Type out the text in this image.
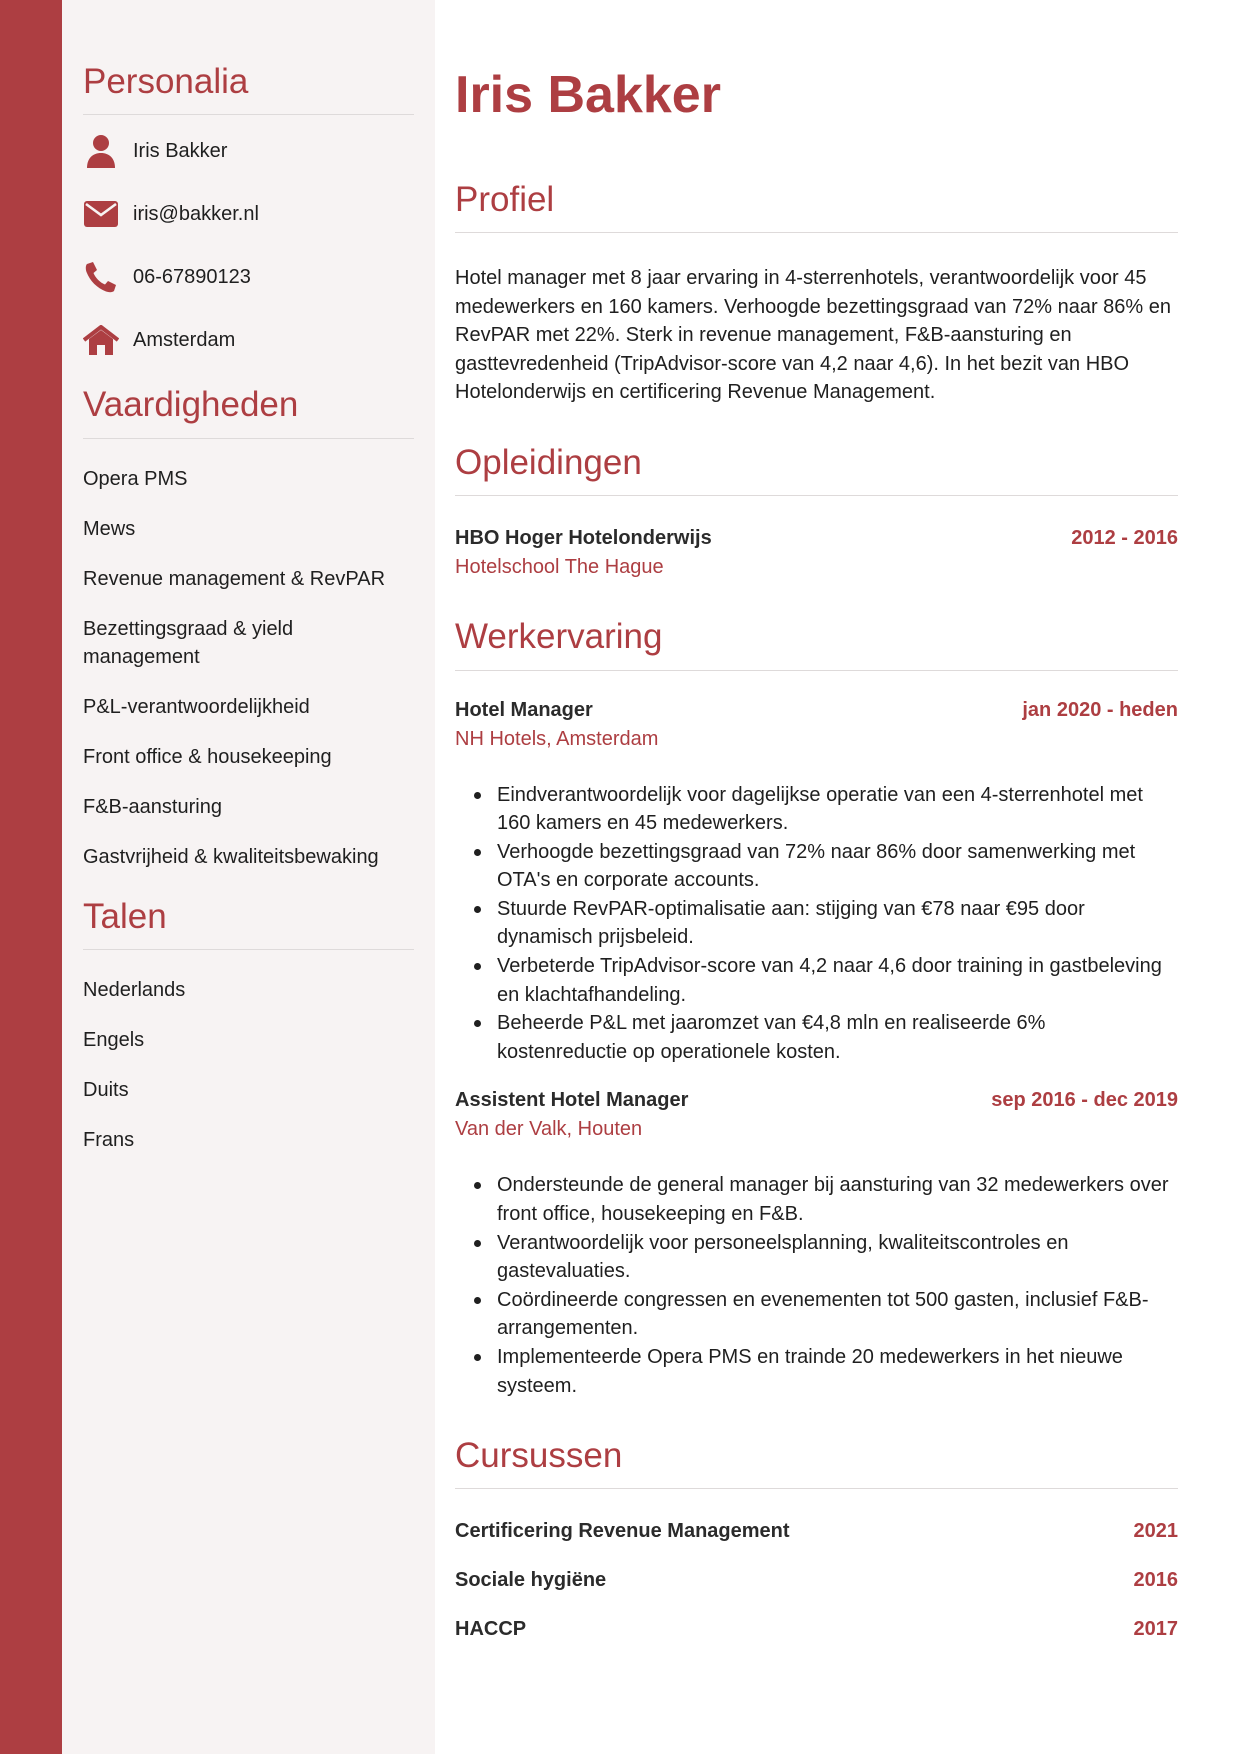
Personalia
Iris Bakker
iris@bakker.nl
06-67890123
Amsterdam
Vaardigheden
Opera PMS
Mews
Revenue management & RevPAR
Bezettingsgraad & yield management
P&L-verantwoordelijkheid
Front office & housekeeping
F&B-aansturing
Gastvrijheid & kwaliteitsbewaking
Talen
Nederlands
Engels
Duits
Frans
Iris Bakker
Profiel

Hotel manager met 8 jaar ervaring in 4-sterrenhotels, verantwoordelijk voor 45 medewerkers en 160 kamers. Verhoogde bezettingsgraad van 72% naar 86% en RevPAR met 22%. Sterk in revenue management, F&B-aansturing en gasttevredenheid (TripAdvisor-score van 4,2 naar 4,6). In het bezit van HBO Hotelonderwijs en certificering Revenue Management.

Opleidingen
HBO Hoger Hotelonderwijs	2012 - 2016
Hotelschool The Hague
Werkervaring
Hotel Manager	jan 2020 - heden
NH Hotels, Amsterdam
Eindverantwoordelijk voor dagelijkse operatie van een 4-sterrenhotel met 160 kamers en 45 medewerkers.
Verhoogde bezettingsgraad van 72% naar 86% door samenwerking met OTA's en corporate accounts.
Stuurde RevPAR-optimalisatie aan: stijging van €78 naar €95 door dynamisch prijsbeleid.
Verbeterde TripAdvisor-score van 4,2 naar 4,6 door training in gastbeleving en klachtafhandeling.
Beheerde P&L met jaaromzet van €4,8 mln en realiseerde 6% kostenreductie op operationele kosten.
Assistent Hotel Manager	sep 2016 - dec 2019
Van der Valk, Houten
Ondersteunde de general manager bij aansturing van 32 medewerkers over front office, housekeeping en F&B.
Verantwoordelijk voor personeelsplanning, kwaliteitscontroles en gastevaluaties.
Coördineerde congressen en evenementen tot 500 gasten, inclusief F&B-arrangementen.
Implementeerde Opera PMS en trainde 20 medewerkers in het nieuwe systeem.
Cursussen
Certificering Revenue Management	2021
Sociale hygiëne	2016
HACCP	2017
